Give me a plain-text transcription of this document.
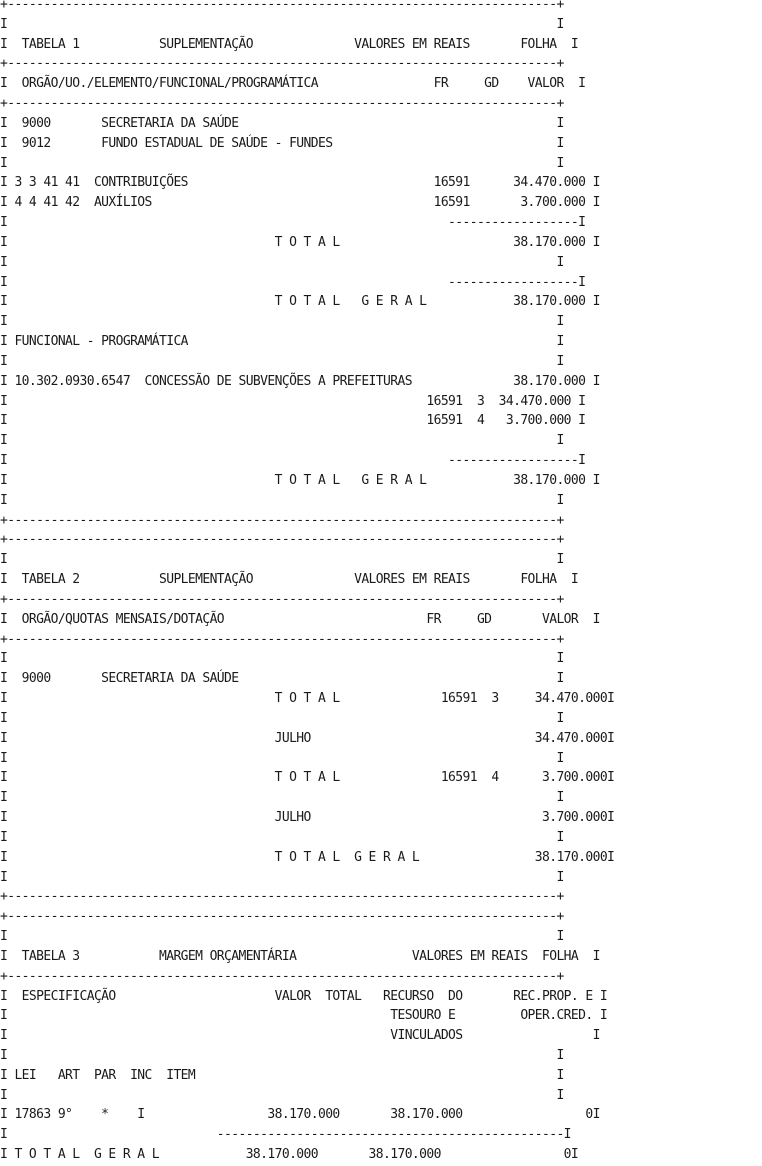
+----------------------------------------------------------------------------+
I                                                                            I
I  TABELA 1           SUPLEMENTAÇÃO              VALORES EM REAIS       FOLHA  I
+----------------------------------------------------------------------------+
I  ORGÃO/UO./ELEMENTO/FUNCIONAL/PROGRAMÁTICA                FR     GD    VALOR  I
+----------------------------------------------------------------------------+
I  9000       SECRETARIA DA SAÚDE                                            I
I  9012       FUNDO ESTADUAL DE SAÚDE - FUNDES                               I
I                                                                            I
I 3 3 41 41  CONTRIBUIÇÕES                                  16591      34.470.000 I
I 4 4 41 42  AUXÍLIOS                                       16591       3.700.000 I
I                                                             ------------------I
I                                     T O T A L                        38.170.000 I
I                                                                            I
I                                                             ------------------I
I                                     T O T A L   G E R A L            38.170.000 I
I                                                                            I
I FUNCIONAL - PROGRAMÁTICA                                                   I
I                                                                            I
I 10.302.0930.6547  CONCESSÃO DE SUBVENÇÕES A PREFEITURAS              38.170.000 I
I                                                          16591  3  34.470.000 I
I                                                          16591  4   3.700.000 I
I                                                                            I
I                                                             ------------------I
I                                     T O T A L   G E R A L            38.170.000 I
I                                                                            I
+----------------------------------------------------------------------------+
+----------------------------------------------------------------------------+
I                                                                            I
I  TABELA 2           SUPLEMENTAÇÃO              VALORES EM REAIS       FOLHA  I
+----------------------------------------------------------------------------+
I  ORGÃO/QUOTAS MENSAIS/DOTAÇÃO                            FR     GD       VALOR  I
+----------------------------------------------------------------------------+
I                                                                            I
I  9000       SECRETARIA DA SAÚDE                                            I
I                                     T O T A L              16591  3     34.470.000I
I                                                                            I
I                                     JULHO                               34.470.000I
I                                                                            I
I                                     T O T A L              16591  4      3.700.000I
I                                                                            I
I                                     JULHO                                3.700.000I
I                                                                            I
I                                     T O T A L  G E R A L                38.170.000I
I                                                                            I
+----------------------------------------------------------------------------+
+----------------------------------------------------------------------------+
I                                                                            I
I  TABELA 3           MARGEM ORÇAMENTÁRIA                VALORES EM REAIS  FOLHA  I
+----------------------------------------------------------------------------+
I  ESPECIFICAÇÃO                      VALOR  TOTAL   RECURSO  DO       REC.PROP. E I
I                                                     TESOURO E         OPER.CRED. I
I                                                     VINCULADOS                  I
I                                                                            I
I LEI   ART  PAR  INC  ITEM                                                  I
I                                                                            I
I 17863 9°    *    I                 38.170.000       38.170.000                 0I
I                             ------------------------------------------------I
I T O T A L  G E R A L            38.170.000       38.170.000                 0I
